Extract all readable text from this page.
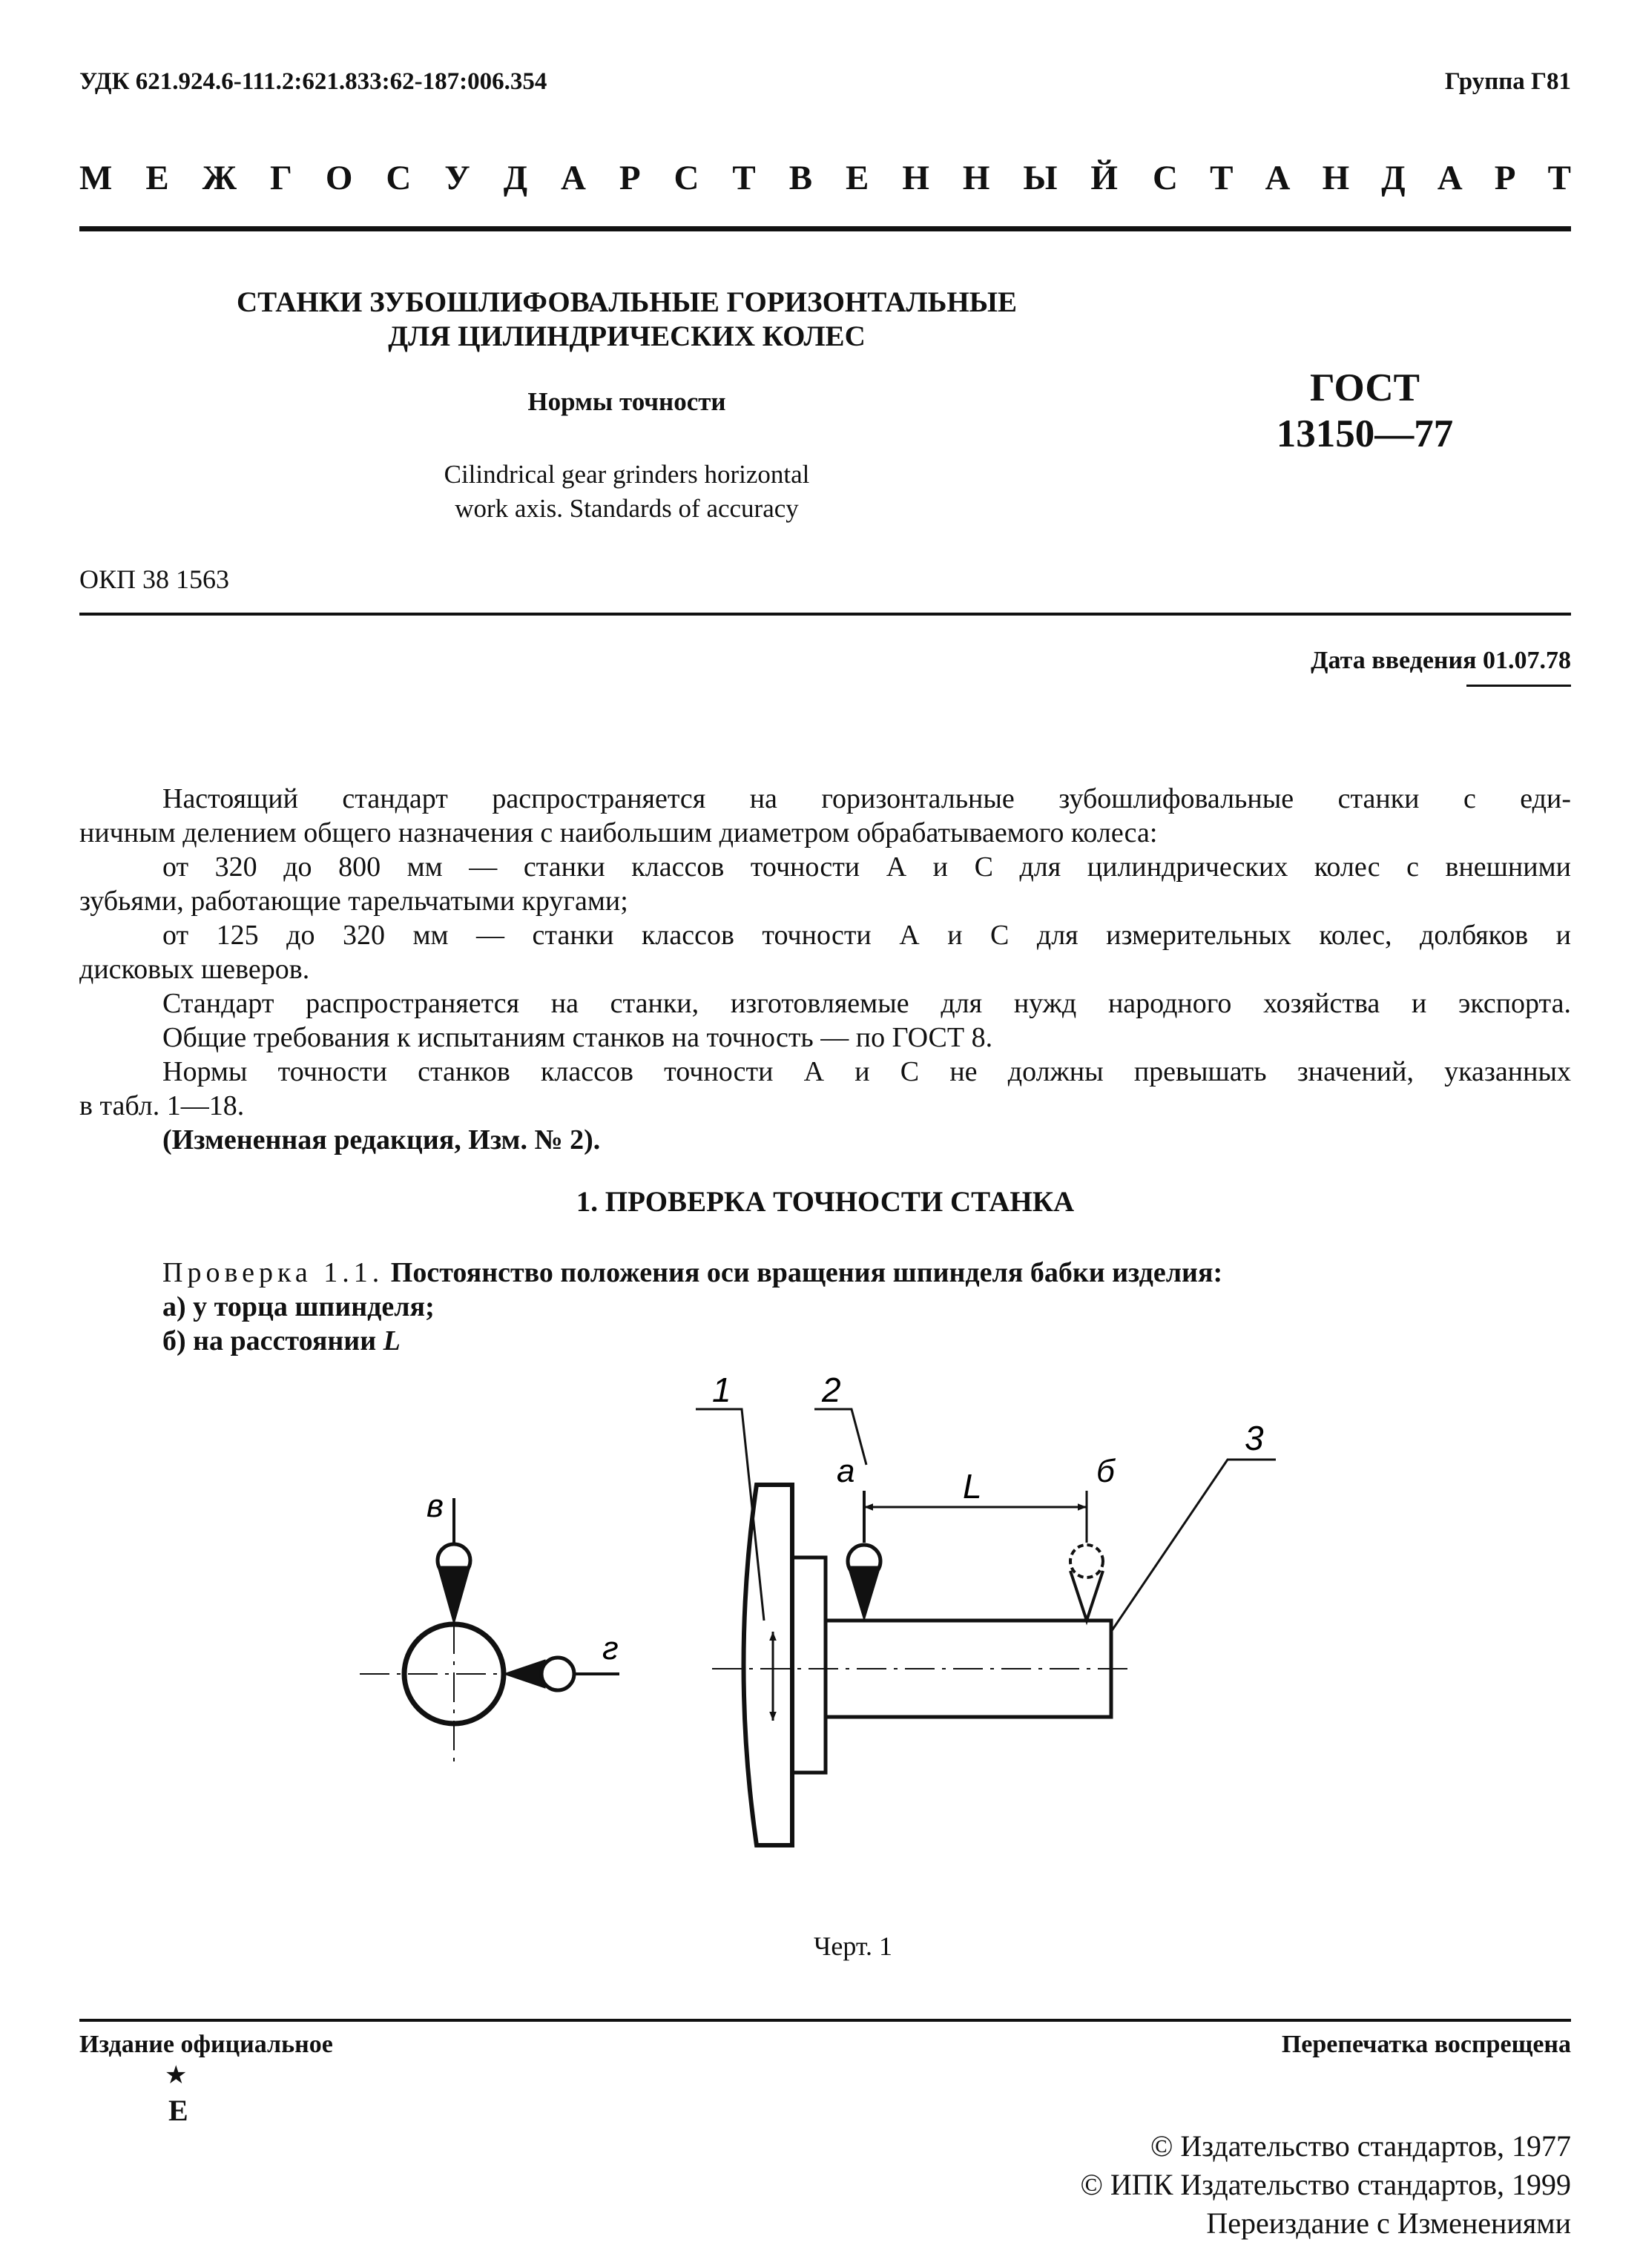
УДК 621.924.6-111.2:621.833:62-187:006.354	Группа Г81
М Е Ж Г О С У Д А Р С Т В Е Н Н Ы Й С Т А Н Д А Р Т
СТАНКИ ЗУБОШЛИФОВАЛЬНЫЕ ГОРИЗОНТАЛЬНЫЕ
ДЛЯ ЦИЛИНДРИЧЕСКИХ КОЛЕС
Нормы точности
Cilindrical gear grinders horizontal
work axis. Standards of accuracy
ГОСТ
13150—77
ОКП 38 1563
Дата введения 01.07.78
Настоящий стандарт распространяется на горизонтальные зубошлифовальные станки с еди-
ничным делением общего назначения с наибольшим диаметром обрабатываемого колеса:
от 320 до 800 мм — станки классов точности А и С для цилиндрических колес с внешними
зубьями, работающие тарельчатыми кругами;
от 125 до 320 мм — станки классов точности А и С для измерительных колес, долбяков и
дисковых шеверов.
Стандарт распространяется на станки, изготовляемые для нужд народного хозяйства и экспорта.
Общие требования к испытаниям станков на точность — по ГОСТ 8.
Нормы точности станков классов точности А и С не должны превышать значений, указанных
в табл. 1—18.
(Измененная редакция, Изм. № 2).
1. ПРОВЕРКА ТОЧНОСТИ СТАНКА
Проверка 1.1. Постоянство положения оси вращения шпинделя бабки изделия:
а) у торца шпинделя;
б) на расстоянии L
в
г
1	2
3
а	б
L
Черт. 1
Издание официальное	Перепечатка воспрещена
★
Е
© Издательство стандартов, 1977
© ИПК Издательство стандартов, 1999
Переиздание с Изменениями
